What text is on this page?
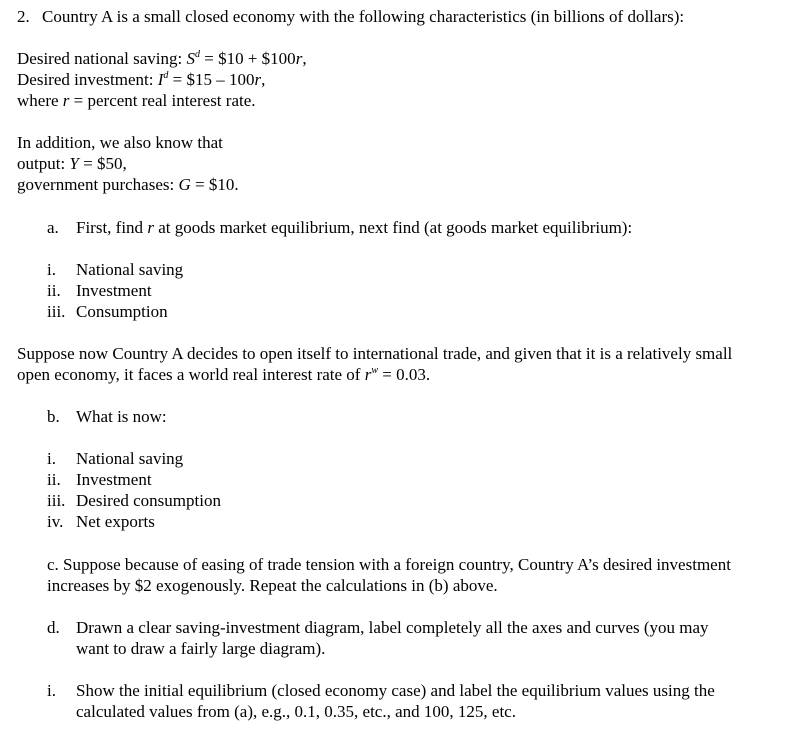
2. Country A is a small closed economy with the following characteristics (in billions of dollars):
Desired national saving: $S^d$ = $10 + $100r,
Desired investment: $I^d$ = $15 – 100r,
where r = percent real interest rate.
In addition, we also know that
output: Y = $50,
government purchases: G = $10.
a. First, find r at goods market equilibrium, next find (at goods market equilibrium):
i. National saving
ii. Investment
iii. Consumption
Suppose now Country A decides to open itself to international trade, and given that it is a relatively small
open economy, it faces a world real interest rate of $r^w = 0.03$.
b. What is now:
i. National saving
ii. Investment
iii. Desired consumption
iv. Net exports
c. Suppose because of easing of trade tension with a foreign country, Country A’s desired investment
increases by $2 exogenously. Repeat the calculations in (b) above.
d. Drawn a clear saving-investment diagram, label completely all the axes and curves (you may
want to draw a fairly large diagram).
i. Show the initial equilibrium (closed economy case) and label the equilibrium values using the
calculated values from (a), e.g., 0.1, 0.35, etc., and 100, 125, etc.
